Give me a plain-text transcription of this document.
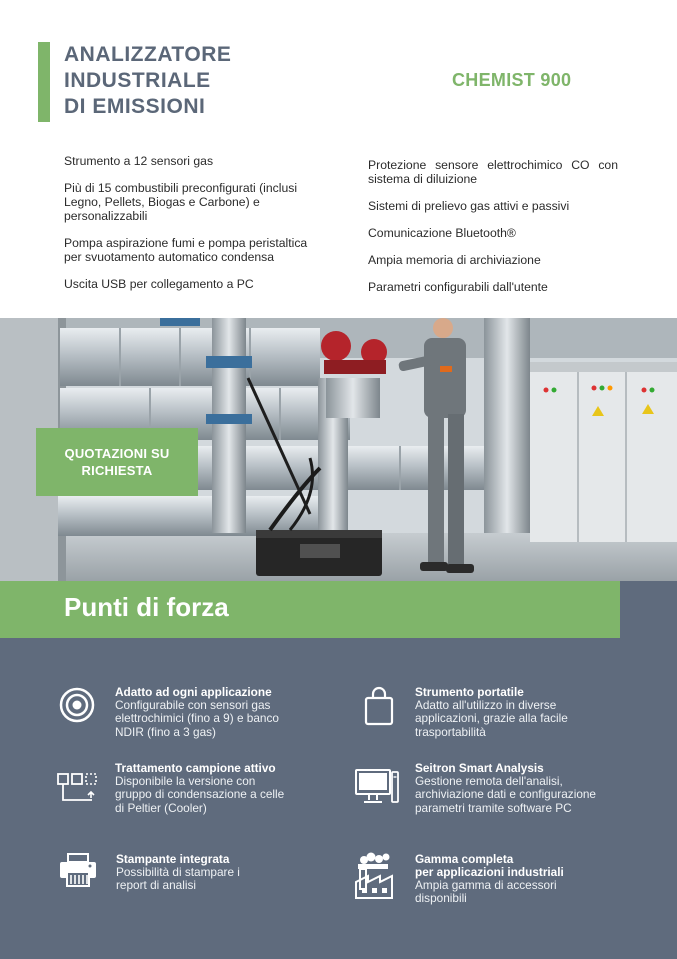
ANALIZZATORE
INDUSTRIALE
DI EMISSIONI
CHEMIST 900

Strumento a 12 sensori gas

Più di 15 combustibili preconfigurati (inclusi Legno, Pellets, Biogas e Carbone) e personalizzabili

Pompa aspirazione fumi e pompa peristaltica per svuotamento automatico condensa

Uscita USB per collegamento a PC

Protezione sensore elettrochimico CO con sistema di diluizione

Sistemi di prelievo gas attivi e passivi

Comunicazione Bluetooth®

Ampia memoria di archiviazione

Parametri configurabili dall'utente

QUOTAZIONI SU
RICHIESTA
Punti di forza
Adatto ad ogni applicazione
Configurabile con sensori gas elettrochimici (fino a 9) e banco NDIR (fino a 3 gas)
Strumento portatile
Adatto all'utilizzo in diverse applicazioni, grazie alla facile trasportabilità
Trattamento campione attivo
Disponibile la versione con gruppo di condensazione a celle di Peltier (Cooler)
Seitron Smart Analysis
Gestione remota dell'analisi, archiviazione dati e configurazione parametri tramite software PC
Stampante integrata
Possibilità di stampare i report di analisi
Gamma completa
per applicazioni industriali
Ampia gamma di accessori disponibili
